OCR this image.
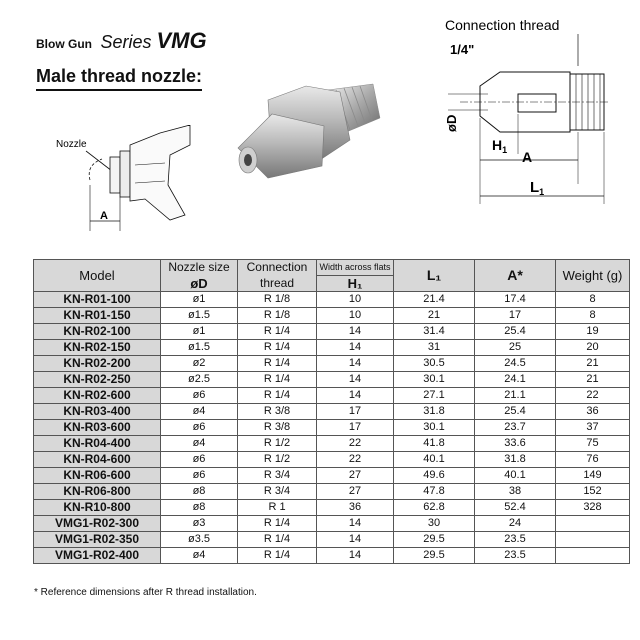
Blow Gun Series VMG
Male thread nozzle:
Nozzle
A
Connection thread
1/4"
øD
$H_1$ A
$L_1$
Model	Nozzle size	Connection	Width across flats	L₁	A*	Weight (g)
	øD	thread	H₁			
KN-R01-100	ø1	R 1/8	10	21.4	17.4	8
KN-R01-150	ø1.5	R 1/8	10	21	17	8
KN-R02-100	ø1	R 1/4	14	31.4	25.4	19
KN-R02-150	ø1.5	R 1/4	14	31	25	20
KN-R02-200	ø2	R 1/4	14	30.5	24.5	21
KN-R02-250	ø2.5	R 1/4	14	30.1	24.1	21
KN-R02-600	ø6	R 1/4	14	27.1	21.1	22
KN-R03-400	ø4	R 3/8	17	31.8	25.4	36
KN-R03-600	ø6	R 3/8	17	30.1	23.7	37
KN-R04-400	ø4	R 1/2	22	41.8	33.6	75
KN-R04-600	ø6	R 1/2	22	40.1	31.8	76
KN-R06-600	ø6	R 3/4	27	49.6	40.1	149
KN-R06-800	ø8	R 3/4	27	47.8	38	152
KN-R10-800	ø8	R 1	36	62.8	52.4	328
VMG1-R02-300	ø3	R 1/4	14	30	24	
VMG1-R02-350	ø3.5	R 1/4	14	29.5	23.5	
VMG1-R02-400	ø4	R 1/4	14	29.5	23.5	
* Reference dimensions after R thread installation.
